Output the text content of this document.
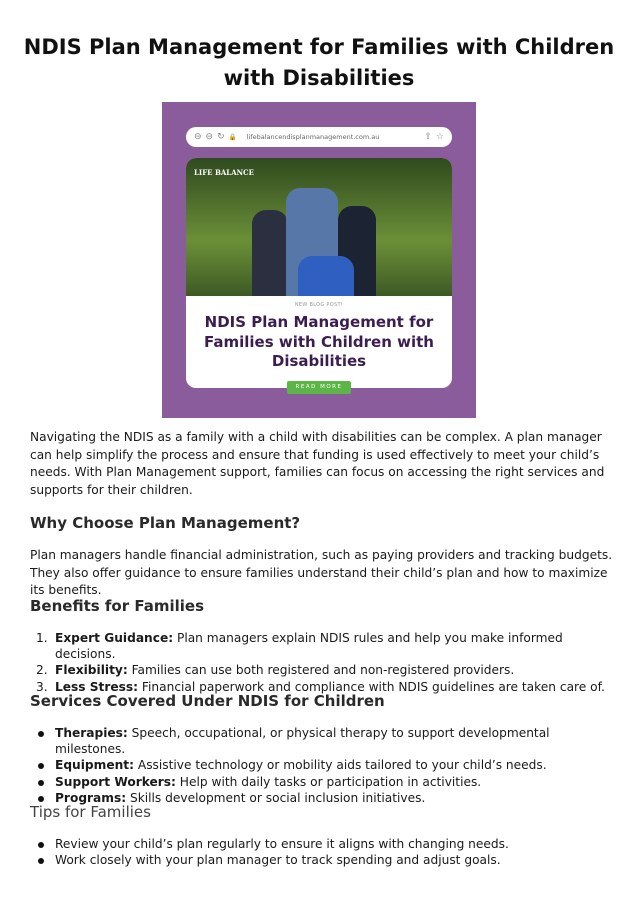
NDIS Plan Management for Families with Children with Disabilities
⊖ ⊖ ↻ 🔒 lifebalancendisplanmanagement.com.au	⇧ ☆
LIFE BALANCE
NEW BLOG POST!
NDIS Plan Management for Families with Children with Disabilities
READ MORE

Navigating the NDIS as a family with a child with disabilities can be complex. A plan manager can help simplify the process and ensure that funding is used effectively to meet your child’s needs. With Plan Management support, families can focus on accessing the right services and supports for their children.

Why Choose Plan Management?

Plan managers handle financial administration, such as paying providers and tracking budgets. They also offer guidance to ensure families understand their child’s plan and how to maximize its benefits.

Benefits for Families
1. Expert Guidance: Plan managers explain NDIS rules and help you make informed decisions.
2. Flexibility: Families can use both registered and non-registered providers.
3. Less Stress: Financial paperwork and compliance with NDIS guidelines are taken care of.
Services Covered Under NDIS for Children
Therapies: Speech, occupational, or physical therapy to support developmental milestones.
Equipment: Assistive technology or mobility aids tailored to your child’s needs.
Support Workers: Help with daily tasks or participation in activities.
Programs: Skills development or social inclusion initiatives.
Tips for Families
Review your child’s plan regularly to ensure it aligns with changing needs.
Work closely with your plan manager to track spending and adjust goals.
